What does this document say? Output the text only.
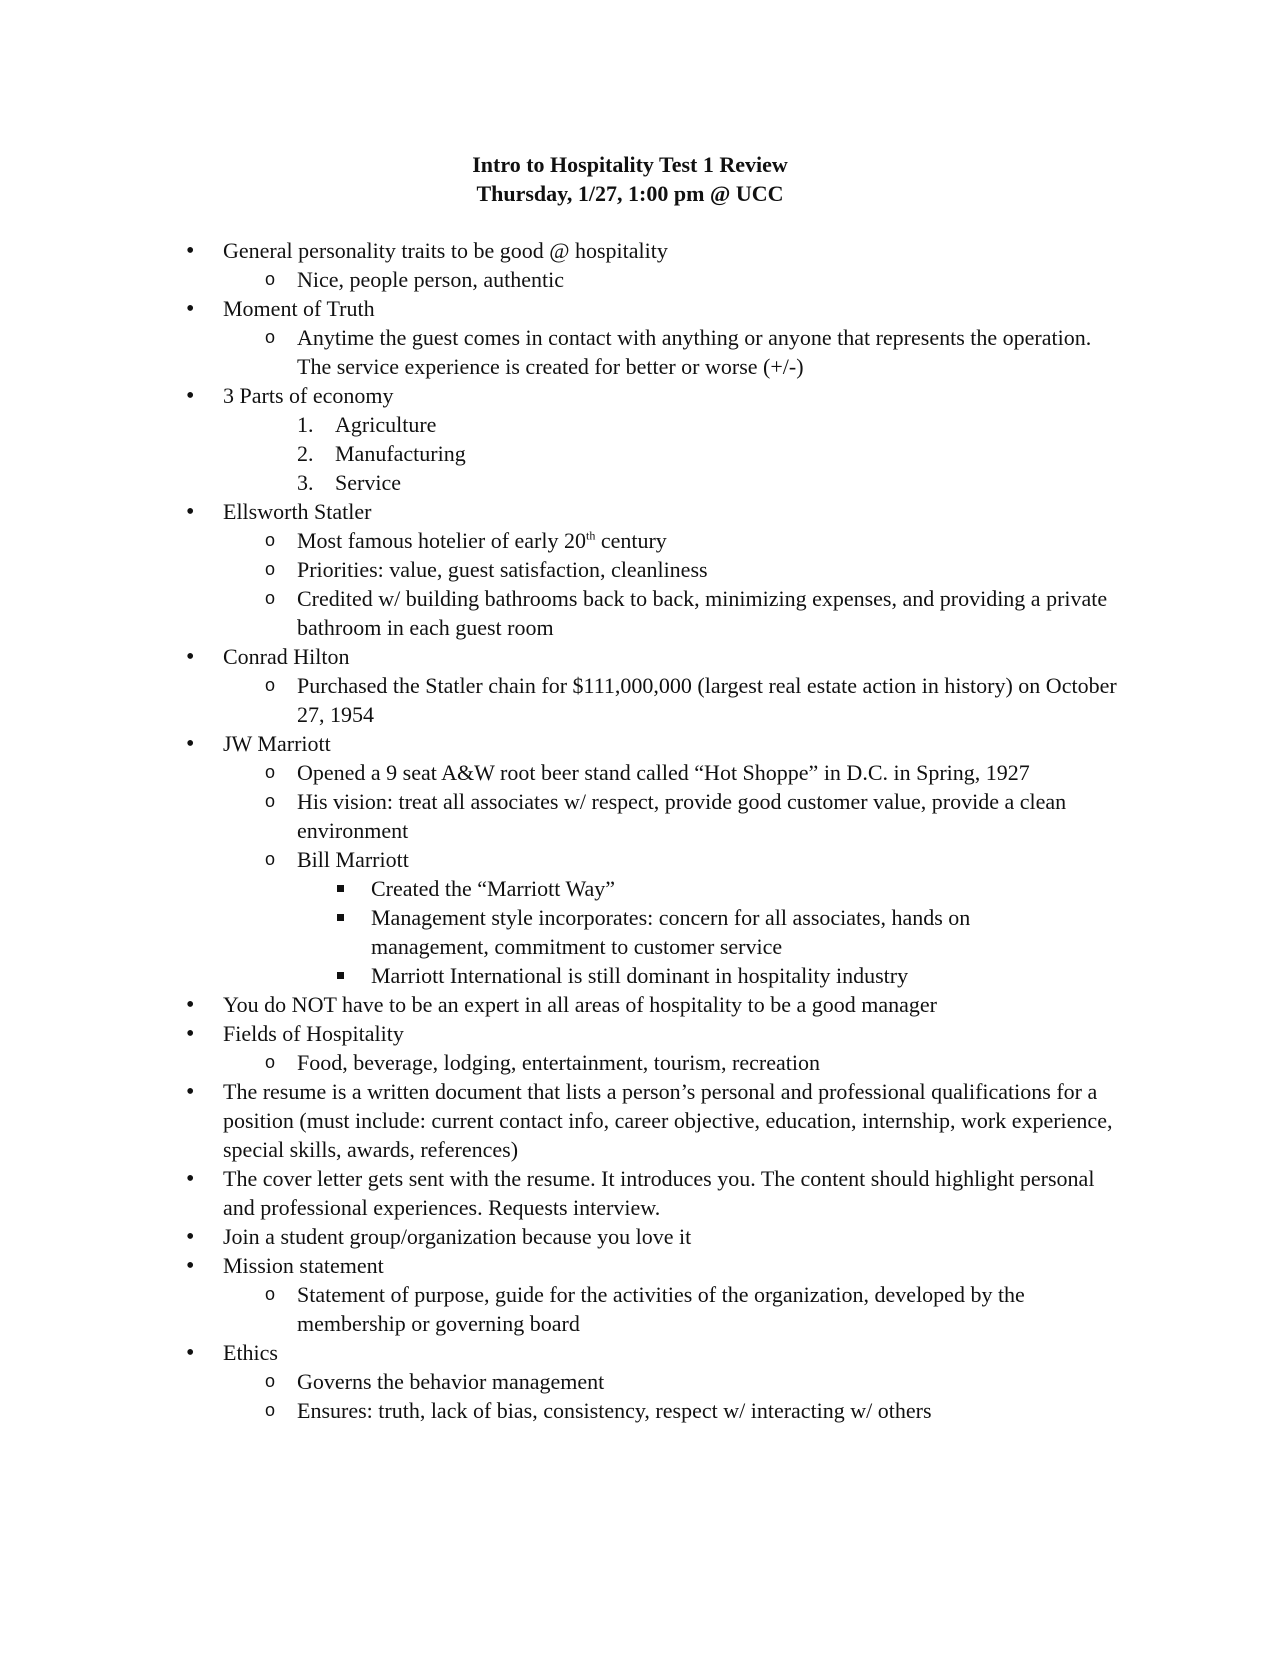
Intro to Hospitality Test 1 Review
Thursday, 1/27, 1:00 pm @ UCC
•
General personality traits to be good @ hospitality
o Nice, people person, authentic
•
Moment of Truth
o Anytime the guest comes in contact with anything or anyone that represents the operation. The service experience is created for better or worse (+/-)
•
3 Parts of economy
1. Agriculture
2. Manufacturing
3. Service
•
Ellsworth Statler
o Most famous hotelier of early 20th century
o Priorities: value, guest satisfaction, cleanliness
o Credited w/ building bathrooms back to back, minimizing expenses, and providing a private bathroom in each guest room
•
Conrad Hilton
o Purchased the Statler chain for $111,000,000 (largest real estate action in history) on October 27, 1954
•
JW Marriott
o Opened a 9 seat A&W root beer stand called “Hot Shoppe” in D.C. in Spring, 1927
o His vision: treat all associates w/ respect, provide good customer value, provide a clean environment
o Bill Marriott
Created the “Marriott Way”
Management style incorporates: concern for all associates, hands on management, commitment to customer service
Marriott International is still dominant in hospitality industry
•
You do NOT have to be an expert in all areas of hospitality to be a good manager
•
Fields of Hospitality
o Food, beverage, lodging, entertainment, tourism, recreation
•
The resume is a written document that lists a person’s personal and professional qualifications for a position (must include: current contact info, career objective, education, internship, work experience, special skills, awards, references)
•
The cover letter gets sent with the resume. It introduces you. The content should highlight personal and professional experiences. Requests interview.
•
Join a student group/organization because you love it
•
Mission statement
o Statement of purpose, guide for the activities of the organization, developed by the membership or governing board
•
Ethics
o Governs the behavior management
o Ensures: truth, lack of bias, consistency, respect w/ interacting w/ others
